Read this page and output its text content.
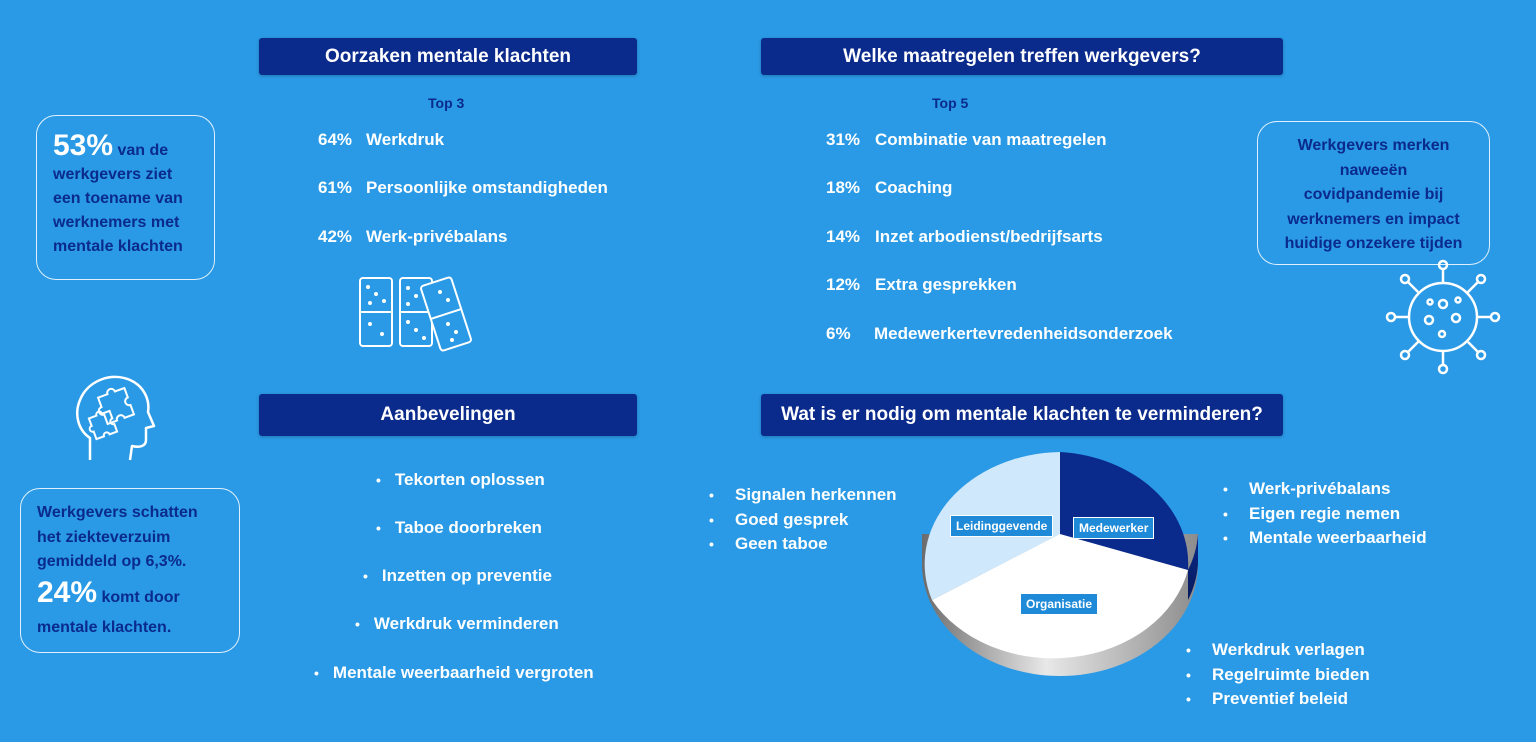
Oorzaken mentale klachten	Welke maatregelen treffen werkgevers?
Aanbevelingen	Wat is er nodig om mentale klachten te verminderen?
Top 3	Top 5
64% Werkdruk
61% Persoonlijke omstandigheden
42% Werk-privébalans
31% Combinatie van maatregelen
18% Coaching
14% Inzet arbodienst/bedrijfsarts
12% Extra gesprekken
6% Medewerkertevredenheidsonderzoek
53% van de
werkgevers ziet
een toename van
werknemers met
mentale klachten
Werkgevers merken
naweeën
covidpandemie bij
werknemers en impact
huidige onzekere tijden
Werkgevers schatten
het ziekteverzuim
gemiddeld op 6,3%.
24% komt door
mentale klachten.
• Tekorten oplossen
• Taboe doorbreken
• Inzetten op preventie
• Werkdruk verminderen
• Mentale weerbaarheid vergroten
• Signalen herkennen
• Goed gesprek
• Geen taboe
• Werk-privébalans
• Eigen regie nemen
• Mentale weerbaarheid
• Werkdruk verlagen
• Regelruimte bieden
• Preventief beleid
Leidinggevende	Medewerker
Organisatie
